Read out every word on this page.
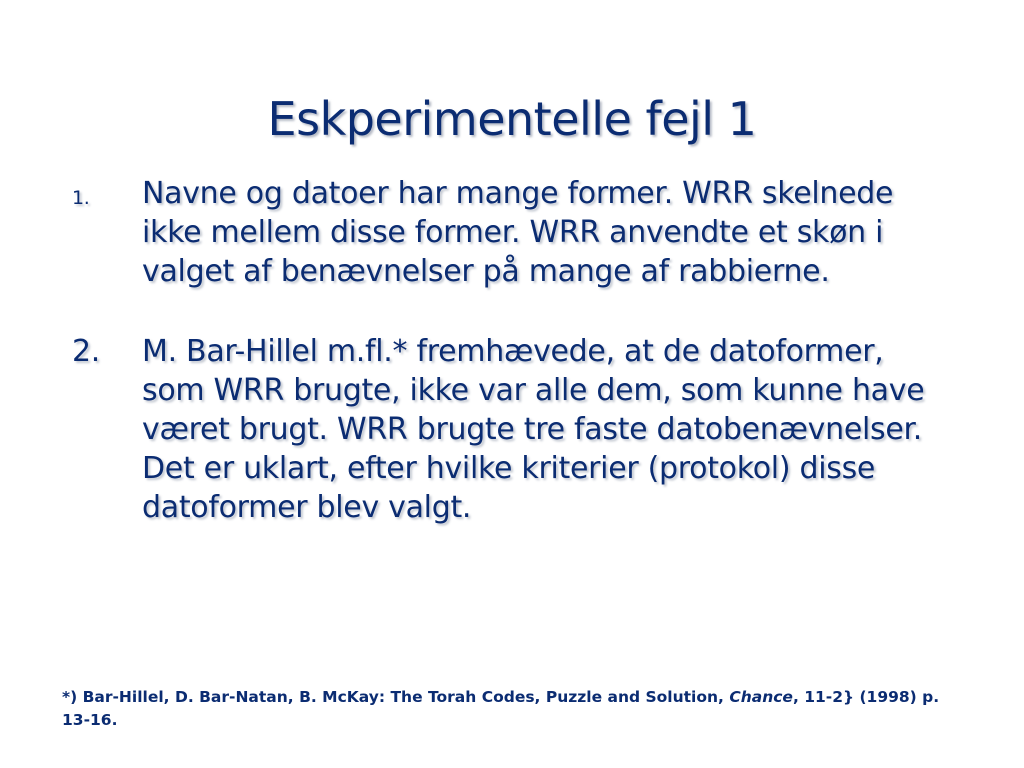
Eskperimentelle fejl 1
1. Navne og datoer har mange former. WRR skelnede ikke mellem disse former. WRR anvendte et skøn i valget af benævnelser på mange af rabbierne.
2. M. Bar-Hillel m.fl.* fremhævede, at de datoformer, som WRR brugte, ikke var alle dem, som kunne have været brugt. WRR brugte tre faste datobenævnelser. Det er uklart, efter hvilke kriterier (protokol) disse datoformer blev valgt.
*) Bar-Hillel, D. Bar-Natan, B. McKay: The Torah Codes, Puzzle and Solution, Chance, 11-2} (1998) p. 13-16.
